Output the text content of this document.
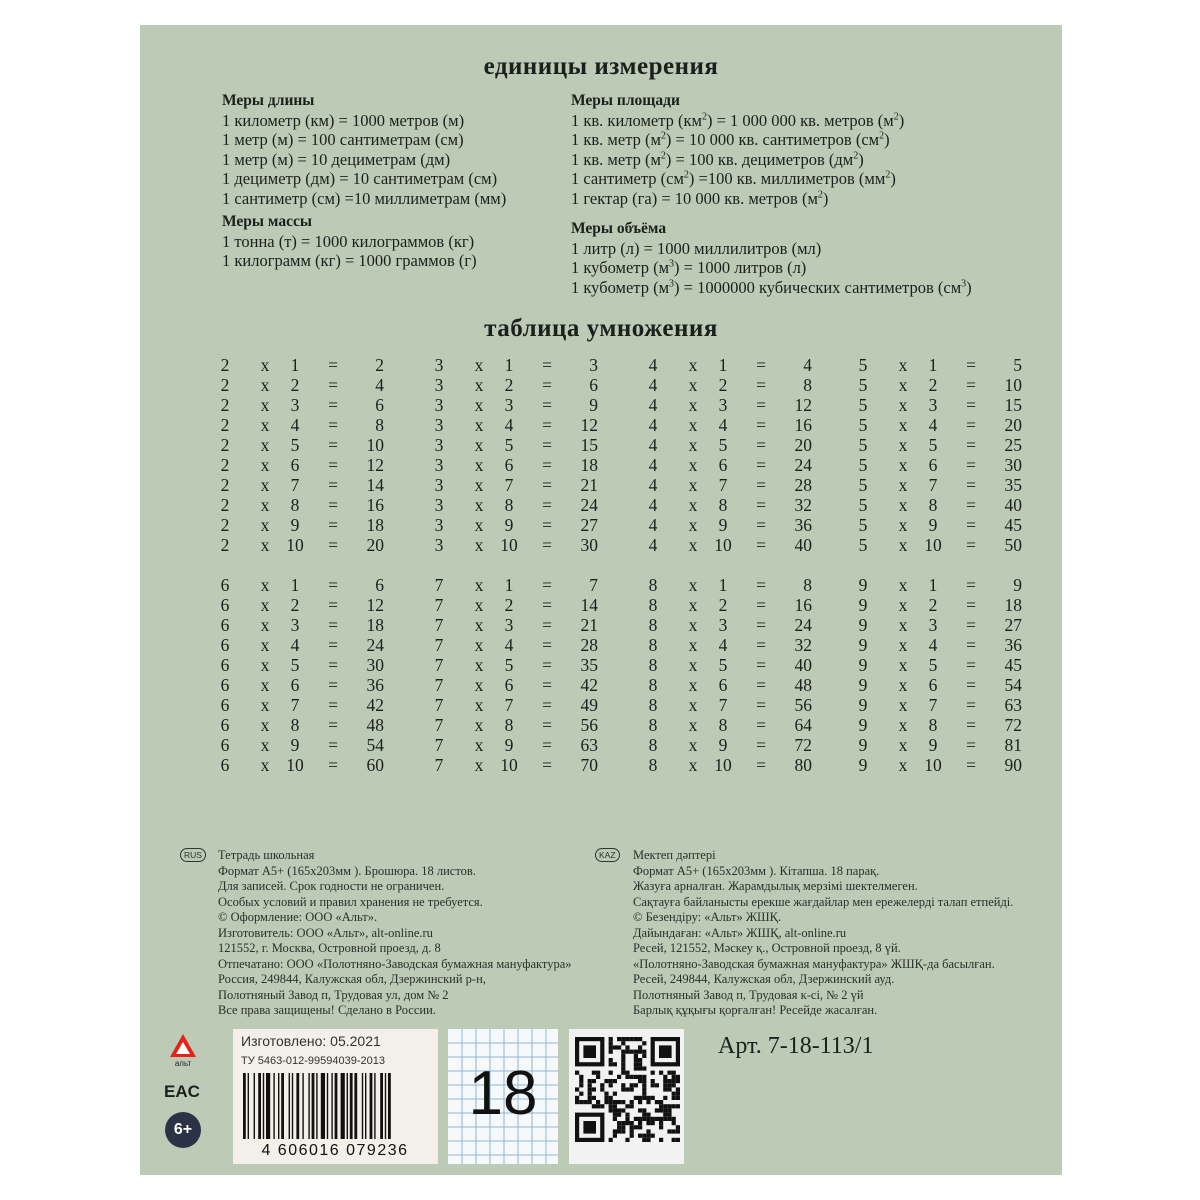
единицы измерения
Меры длины
1 километр (км) = 1000 метров (м)
1 метр (м) = 100 сантиметрам (см)
1 метр (м) = 10 дециметрам (дм)
1 дециметр (дм) = 10 сантиметрам (см)
1 сантиметр (см) =10 миллиметрам (мм)
Меры массы
1 тонна (т) = 1000 килограммов (кг)
1 килограмм (кг) = 1000 граммов (г)
Меры площади
1 кв. километр $(км^2) = 1$ 000 000 кв. метров $(м^2)$
1 кв. метр $(м^2) = 10$ 000 кв. сантиметров $(см^2)$
1 кв. метр $(м^2) = 100$ кв. дециметров $(дм^2)$
1 сантиметр $(см^2) =100$ кв. миллиметров $(мм^2)$
1 гектар (га) = 10 000 кв. метров $(м^2)$
Меры объёма
1 литр (л) = 1000 миллилитров (мл)
1 кубометр $(м^3) = 1000$ литров (л)
1 кубометр $(м^3) = 1000000$ кубических сантиметров $(см^3)$
таблица умножения
2 х	1	=	2
2 х	2	=	4
2 х	3	=	6
2 х	4	=	8
2 х	5	=	10
2 х	6	=	12
2 х	7	=	14
2 х	8	=	16
2 х	9	=	18
2 х 10	=	20
3 х	1	=	3
3 х	2	=	6
3 х	3	=	9
3 х	4	=	12
3 х	5	=	15
3 х	6	=	18
3 х	7	=	21
3 х	8	=	24
3 х	9	=	27
3 х 10	=	30
4 х	1	=	4
4 х	2	=	8
4 х	3	=	12
4 х	4	=	16
4 х	5	=	20
4 х	6	=	24
4 х	7	=	28
4 х	8	=	32
4 х	9	=	36
4 х 10	=	40
5 х	1	=	5
5 х	2	=	10
5 х	3	=	15
5 х	4	=	20
5 х	5	=	25
5 х	6	=	30
5 х	7	=	35
5 х	8	=	40
5 х	9	=	45
5 х 10	=	50
6 х	1	=	6
6 х	2	=	12
6 х	3	=	18
6 х	4	=	24
6 х	5	=	30
6 х	6	=	36
6 х	7	=	42
6 х	8	=	48
6 х	9	=	54
6 х 10	=	60
7 х	1	=	7
7 х	2	=	14
7 х	3	=	21
7 х	4	=	28
7 х	5	=	35
7 х	6	=	42
7 х	7	=	49
7 х	8	=	56
7 х	9	=	63
7 х 10	=	70
8 х	1	=	8
8 х	2	=	16
8 х	3	=	24
8 х	4	=	32
8 х	5	=	40
8 х	6	=	48
8 х	7	=	56
8 х	8	=	64
8 х	9	=	72
8 х 10	=	80
9 х	1	=	9
9 х	2	=	18
9 х	3	=	27
9 х	4	=	36
9 х	5	=	45
9 х	6	=	54
9 х	7	=	63
9 х	8	=	72
9 х	9	=	81
9 х 10	=	90
RUS	Тетрадь школьная
Формат А5+ (165х203мм ). Брошюра. 18 листов.
Для записей. Срок годности не ограничен.
Особых условий и правил хранения не требуется.
© Оформление: ООО «Альт».
Изготовитель: ООО «Альт», alt-online.ru
121552, г. Москва, Островной проезд, д. 8
Отпечатано: ООО «Полотняно-Заводская бумажная мануфактура»
Россия, 249844, Калужская обл, Дзержинский р-н,
Полотняный Завод п, Трудовая ул, дом № 2
Все права защищены! Сделано в России.
KAZ	Мектеп дәптері
Формат А5+ (165х203мм ). Кітапша. 18 парақ.
Жазуға арналған. Жарамдылық мерзімі шектелмеген.
Сақтауға байланысты ерекше жағдайлар мен ережелерді талап етпейді.
© Безендіру: «Альт» ЖШҚ.
Дайындаған: «Альт» ЖШҚ, alt-online.ru
Ресей, 121552, Мәскеу қ., Островной проезд, 8 үй.
«Полотняно-Заводская бумажная мануфактура» ЖШҚ-да басылған.
Ресей, 249844, Калужская обл, Дзержинский ауд.
Полотняный Завод п, Трудовая к-сі, № 2 үй
Барлық құқығы қорғалған! Ресейде жасалған.
альт
EAC
6+
Изготовлено: 05.2021
ТУ 5463-012-99594039-2013
4 606016 079236
18
Арт. 7-18-113/1
